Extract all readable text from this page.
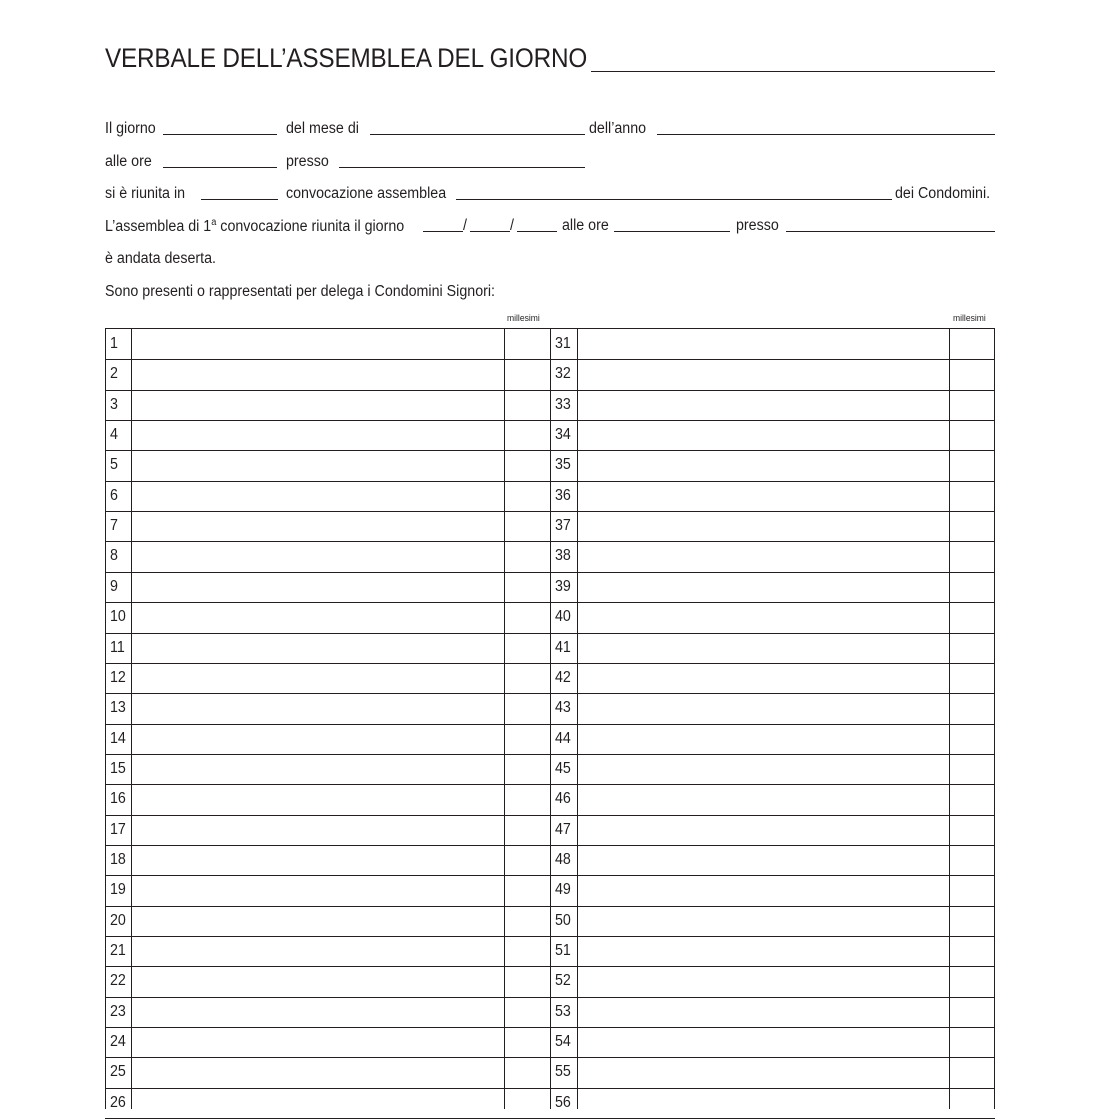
VERBALE DELL’ASSEMBLEA DEL GIORNO
Il giorno	del mese di	dell’anno
alle ore	presso
si è riunita in	convocazione assemblea	dei Condomini.
L’assemblea di 1$^a$ convocazione riunita il giorno	/	/	alle ore	presso
è andata deserta.
Sono presenti o rappresentati per delega i Condomini Signori:
millesimi	millesimi
1	31
2	32
3	33
4	34
5	35
6	36
7	37
8	38
9	39
10	40
11	41
12	42
13	43
14	44
15	45
16	46
17	47
18	48
19	49
20	50
21	51
22	52
23	53
24	54
25	55
26	56
